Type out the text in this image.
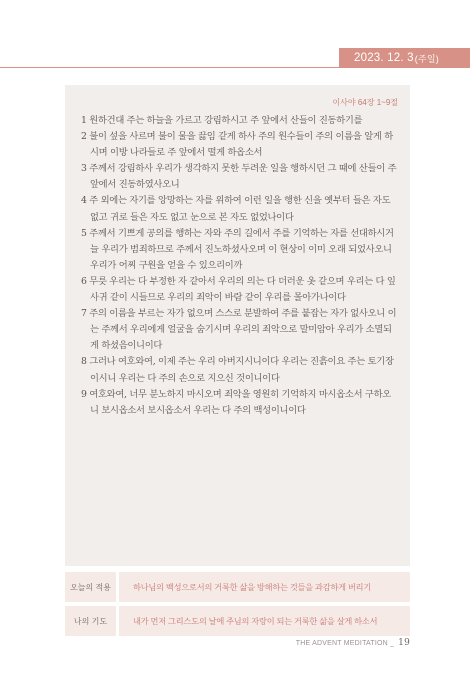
2023. 12. 3 (주일)
이사야 64장 1~9절
1 원하건대 주는 하늘을 가르고 강림하시고 주 앞에서 산들이 진동하기를
2 불이 섶을 사르며 불이 물을 끓임 같게 하사 주의 원수들이 주의 이름을 알게 하시며 이방 나라들로 주 앞에서 떨게 하옵소서
3 주께서 강림하사 우리가 생각하지 못한 두려운 일을 행하시던 그 때에 산들이 주 앞에서 진동하였사오니
4 주 외에는 자기를 앙망하는 자를 위하여 이런 일을 행한 신을 옛부터 들은 자도 없고 귀로 들은 자도 없고 눈으로 본 자도 없었나이다
5 주께서 기쁘게 공의를 행하는 자와 주의 길에서 주를 기억하는 자를 선대하시거늘 우리가 범죄하므로 주께서 진노하셨사오며 이 현상이 이미 오래 되었사오니 우리가 어찌 구원을 얻을 수 있으리이까
6 무릇 우리는 다 부정한 자 같아서 우리의 의는 다 더러운 옷 같으며 우리는 다 잎사귀 같이 시들므로 우리의 죄악이 바람 같이 우리를 몰아가나이다
7 주의 이름을 부르는 자가 없으며 스스로 분발하여 주를 붙잡는 자가 없사오니 이는 주께서 우리에게 얼굴을 숨기시며 우리의 죄악으로 말미암아 우리가 소멸되게 하셨음이니이다
8 그러나 여호와여, 이제 주는 우리 아버지시니이다 우리는 진흙이요 주는 토기장이시니 우리는 다 주의 손으로 지으신 것이니이다
9 여호와여, 너무 분노하지 마시오며 죄악을 영원히 기억하지 마시옵소서 구하오니 보시옵소서 보시옵소서 우리는 다 주의 백성이니이다
오늘의 적용	하나님의 백성으로서의 거룩한 삶을 방해하는 것들을 과감하게 버리기
나의 기도	내가 먼저 그리스도의 날에 주님의 자랑이 되는 거룩한 삶을 살게 하소서
THE ADVENT MEDITATION _ 19
